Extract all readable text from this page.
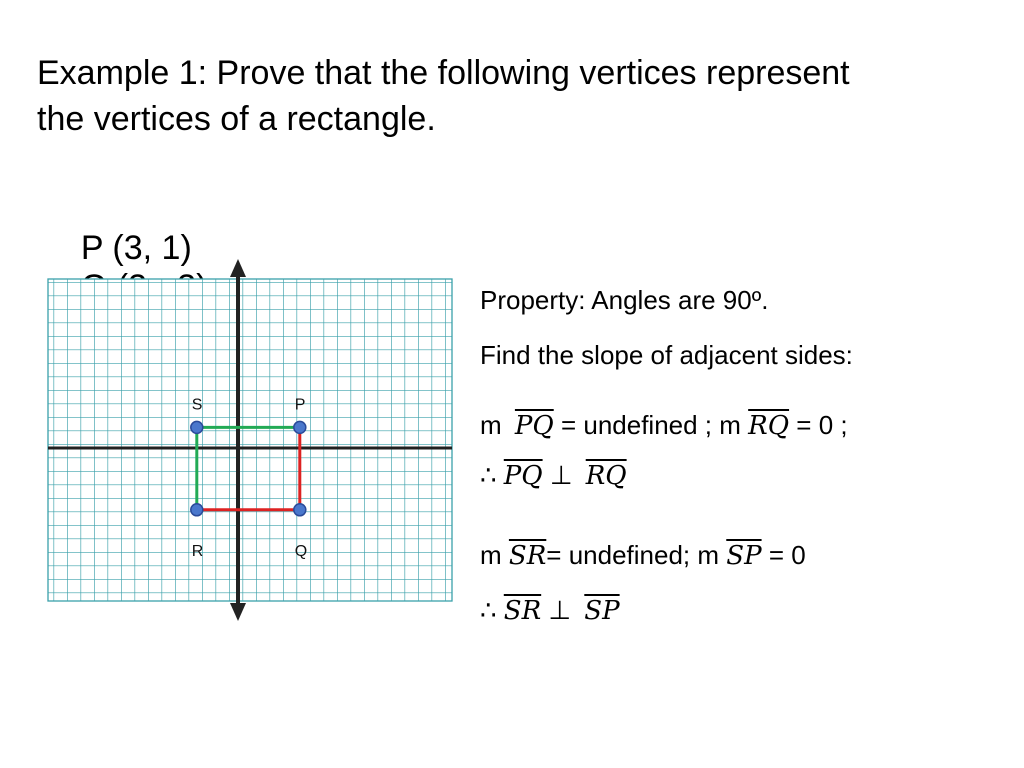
Example 1: Prove that the following vertices represent
the vertices of a rectangle.

P (3, 1)

P
Q
R
S
Property: Angles are 90º.
Find the slope of adjacent sides:
m $\overline{PQ}$ = undefined ; m $\overline{RQ} = 0$ ;
∴ $\overline{PQ}$ ⊥ $\overline{RQ}$
m $\overline{SR}=$ undefined; m $\overline{SP} = 0$
∴ $\overline{SR}$ ⊥ $\overline{SP}$
